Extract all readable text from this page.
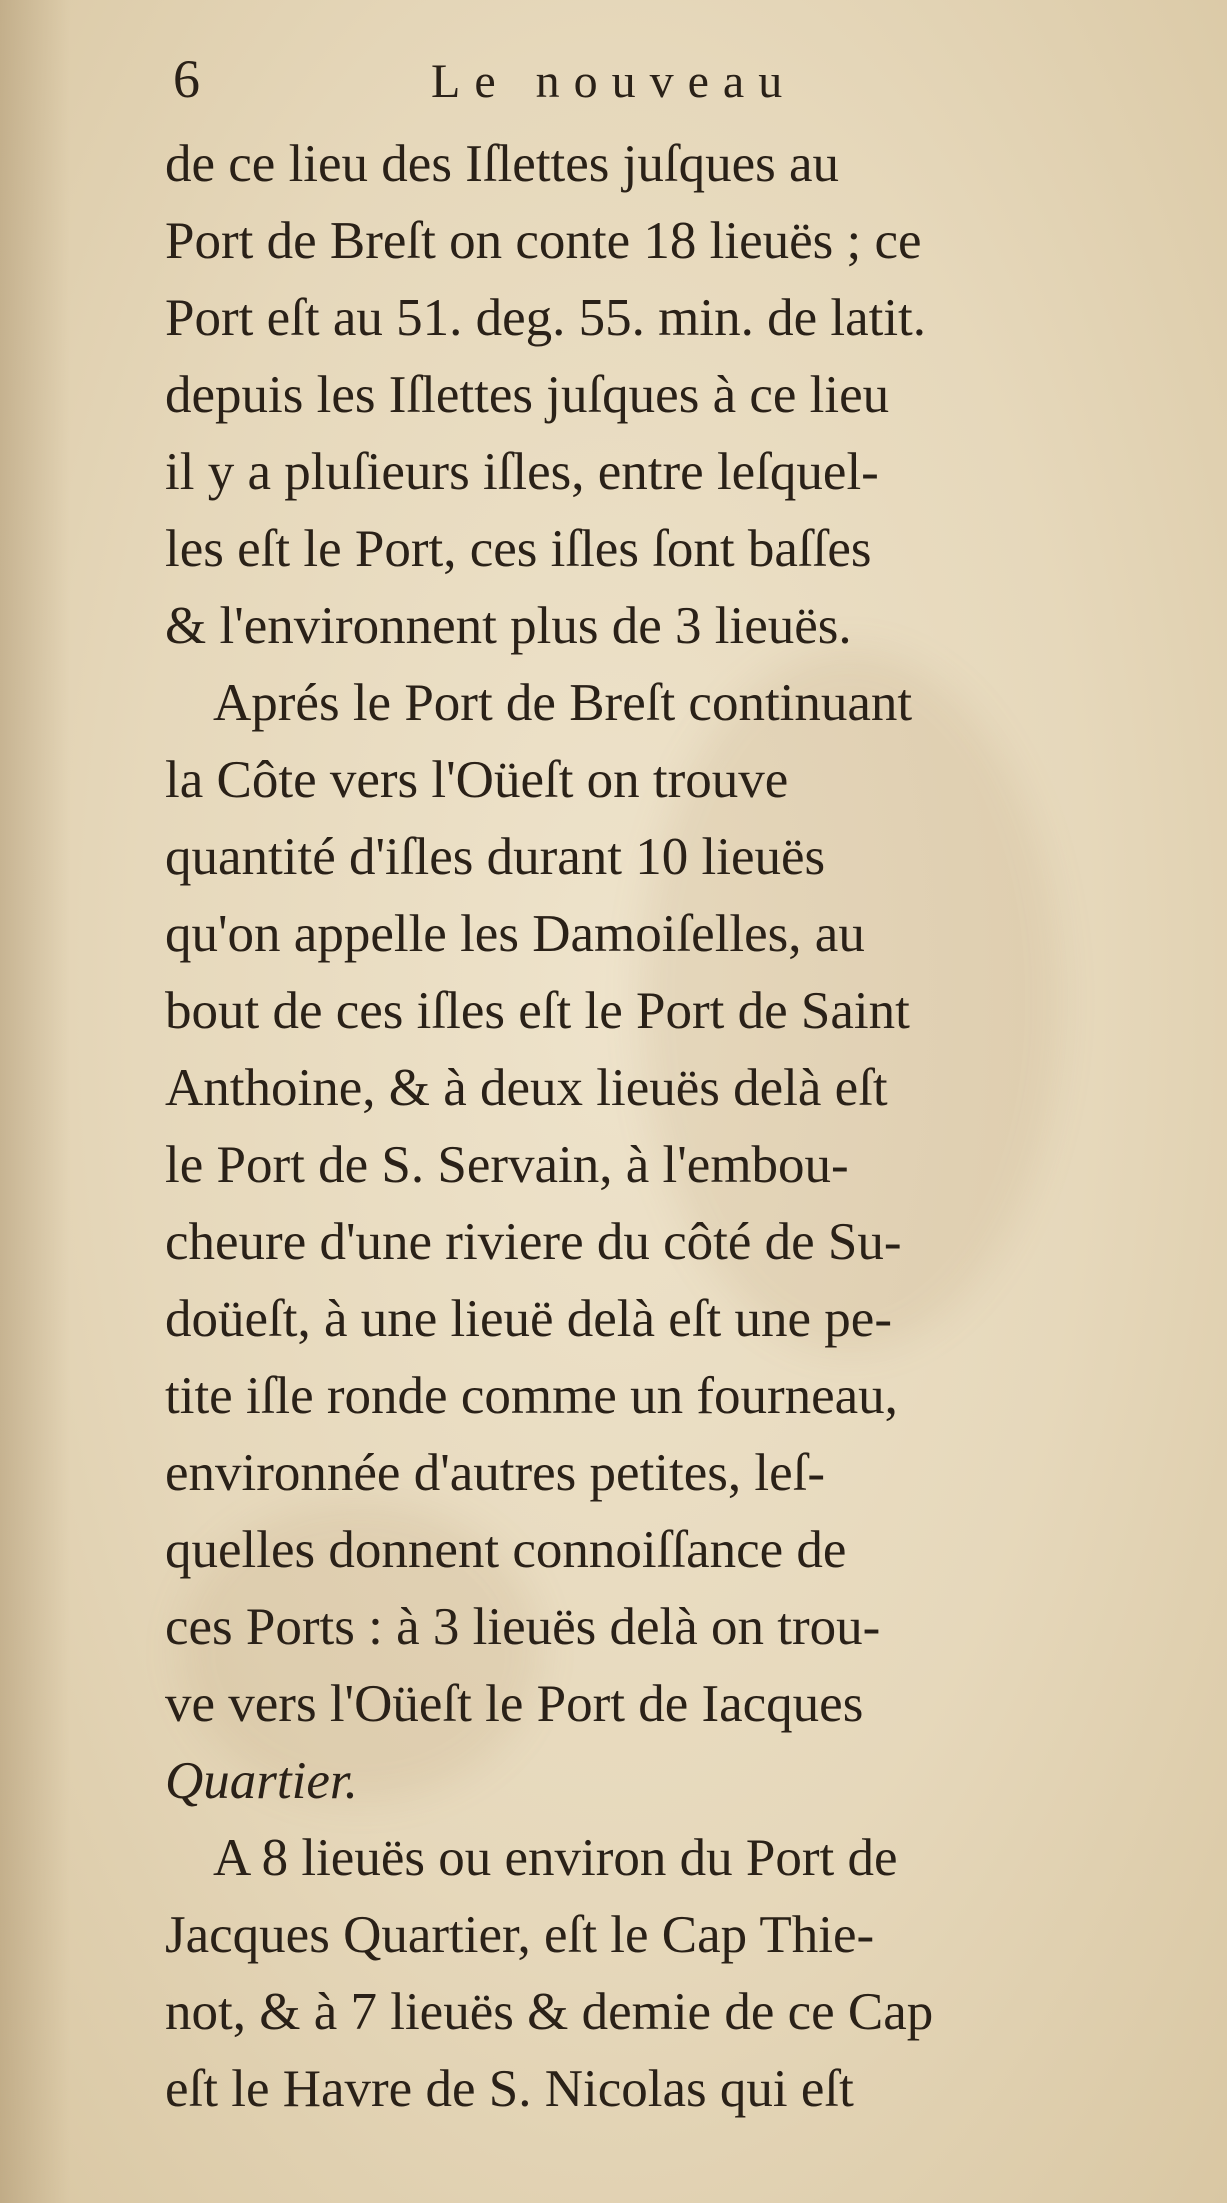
6	Le nouveau
de ce lieu des Iſlettes juſques au
Port de Breſt on conte 18 lieuës ; ce
Port eſt au 51. deg. 55. min. de latit.
depuis les Iſlettes juſques à ce lieu
il y a pluſieurs iſles, entre leſquel-
les eſt le Port, ces iſles ſont baſſes
& l'environnent plus de 3 lieuës.
Aprés le Port de Breſt continuant
la Côte vers l'Oüeſt on trouve
quantité d'iſles durant 10 lieuës
qu'on appelle les Damoiſelles, au
bout de ces iſles eſt le Port de Saint
Anthoine, & à deux lieuës delà eſt
le Port de S. Servain, à l'embou-
cheure d'une riviere du côté de Su-
doüeſt, à une lieuë delà eſt une pe-
tite iſle ronde comme un fourneau,
environnée d'autres petites, leſ-
quelles donnent connoiſſance de
ces Ports : à 3 lieuës delà on trou-
ve vers l'Oüeſt le Port de Iacques
Quartier.
A 8 lieuës ou environ du Port de
Jacques Quartier, eſt le Cap Thie-
not, & à 7 lieuës & demie de ce Cap
eſt le Havre de S. Nicolas qui eſt
